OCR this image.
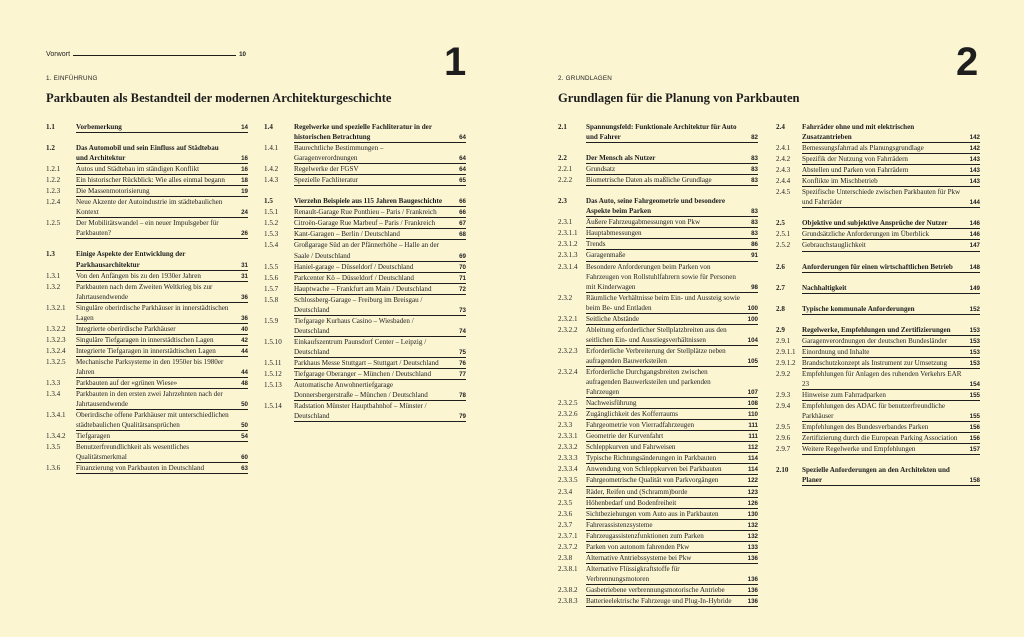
Vorwort	10	1
1. EINFÜHRUNG
Parkbauten als Bestandteil der modernen Architekturgeschichte
1.1	Vorbemerkung	14
1.2	Das Automobil und sein Einfluss auf Städtebau und Architektur	16
1.2.1 Autos und Städtebau im ständigen Konflikt	16
1.2.2 Ein historischer Rückblick: Wie alles einmal begann	18
1.2.3 Die Massenmotorisierung	19
1.2.4 Neue Akzente der Autoindustrie im städtebaulichen Kontext	24
1.2.5 Der Mobilitätswandel – ein neuer Impulsgeber für Parkbauten?	26
1.3	Einige Aspekte der Entwicklung der Parkhausarchitektur	31
1.3.1 Von den Anfängen bis zu den 1930er Jahren	31
1.3.2 Parkbauten nach dem Zweiten Weltkrieg bis zur Jahrtausendwende	36
1.3.2.1 Singuläre oberirdische Parkhäuser in innerstädtischen Lagen	36
1.3.2.2 Integrierte oberirdische Parkhäuser	40
1.3.2.3 Singuläre Tiefgaragen in innerstädtischen Lagen	42
1.3.2.4 Integrierte Tiefgaragen in innerstädtischen Lagen	44
1.3.2.5 Mechanische Parksysteme in den 1950er bis 1980er Jahren	44
1.3.3 Parkbauten auf der «grünen Wiese»	48
1.3.4 Parkbauten in den ersten zwei Jahrzehnten nach der Jahrtausendwende	50
1.3.4.1 Oberirdische offene Parkhäuser mit unterschiedlichen städtebaulichen Qualitätsansprüchen	50
1.3.4.2 Tiefgaragen	54
1.3.5 Benutzerfreundlichkeit als wesentliches Qualitätsmerkmal	60
1.3.6 Finanzierung von Parkbauten in Deutschland	63
1.4	Regelwerke und spezielle Fachliteratur in der historischen Betrachtung	64
1.4.1 Baurechtliche Bestimmungen – Garagenverordnungen	64
1.4.2 Regelwerke der FGSV	64
1.4.3 Spezielle Fachliteratur	65
1.5	Vierzehn Beispiele aus 115 Jahren Baugeschichte	66
1.5.1 Renault-Garage Rue Ponthieu – Paris / Frankreich	66
1.5.2 Citroën-Garage Rue Marbeuf – Paris / Frankreich	67
1.5.3 Kant-Garagen – Berlin / Deutschland	68
1.5.4 Großgarage Süd an der Pfännerhöhe – Halle an der Saale / Deutschland	69
1.5.5 Haniel-garage – Düsseldorf / Deutschland	70
1.5.6 Parkcenter Kö – Düsseldorf / Deutschland	71
1.5.7 Hauptwache – Frankfurt am Main / Deutschland	72
1.5.8 Schlossberg-Garage – Freiburg im Breisgau / Deutschland	73
1.5.9 Tiefgarage Kurhaus Casino – Wiesbaden / Deutschland	74
1.5.10 Einkaufszentrum Paunsdorf Center – Leipzig / Deutschland	75
1.5.11 Parkhaus Messe Stuttgart – Stuttgart / Deutschland	76
1.5.12 Tiefgarage Oberanger – München / Deutschland	77
1.5.13 Automatische Anwohnertiefgarage Donnersbergerstraße – München / Deutschland	78
1.5.14 Radstation Münster Hauptbahnhof – Münster / Deutschland	79
2
2. GRUNDLAGEN
Grundlagen für die Planung von Parkbauten
2.1	Spannungsfeld: Funktionale Architektur für Auto und Fahrer	82
2.2	Der Mensch als Nutzer	83
2.2.1 Grundsatz	83
2.2.2 Biometrische Daten als maßliche Grundlage	83
2.3	Das Auto, seine Fahrgeometrie und besondere Aspekte beim Parken	83
2.3.1 Äußere Fahrzeugabmessungen von Pkw	83
2.3.1.1 Hauptabmessungen	83
2.3.1.2 Trends	86
2.3.1.3 Garagenmaße	91
2.3.1.4 Besondere Anforderungen beim Parken von Fahrzeugen von Rollstuhlfahrern sowie für Personen mit Kinderwagen	98
2.3.2 Räumliche Verhältnisse beim Ein- und Aussteig sowie beim Be- und Entladen	100
2.3.2.1 Seitliche Abstände	100
2.3.2.2 Ableitung erforderlicher Stellplatzbreiten aus den seitlichen Ein- und Ausstiegsverhältnissen	104
2.3.2.3 Erforderliche Verbreiterung der Stellplätze neben aufragenden Bauwerksteilen	105
2.3.2.4 Erforderliche Durchgangsbreiten zwischen aufragenden Bauwerksteilen und parkenden Fahrzeugen	107
2.3.2.5 Nachweisführung	108
2.3.2.6 Zugänglichkeit des Kofferraums	110
2.3.3 Fahrgeometrie von Vierradfahrzeugen	111
2.3.3.1 Geometrie der Kurvenfahrt	111
2.3.3.2 Schleppkurven und Fahrweisen	112
2.3.3.3 Typische Richtungsänderungen in Parkbauten	114
2.3.3.4 Anwendung von Schleppkurven bei Parkbauten	114
2.3.3.5 Fahrgeometrische Qualität von Parkvorgängen	122
2.3.4 Räder, Reifen und (Schramm)borde	123
2.3.5 Höhenbedarf und Bodenfreiheit	126
2.3.6 Sichtbeziehungen vom Auto aus in Parkbauten	130
2.3.7 Fahrerassistenzsysteme	132
2.3.7.1 Fahrzeugassistenzfunktionen zum Parken	132
2.3.7.2 Parken von autonom fahrenden Pkw	133
2.3.8 Alternative Antriebssysteme bei Pkw	136
2.3.8.1 Alternative Flüssigkraftstoffe für Verbrennungsmotoren	136
2.3.8.2 Gasbetriebene verbrennungsmotorische Antriebe	136
2.3.8.3 Batterieelektrische Fahrzeuge und Plug-In-Hybride	136
2.4 Fahrräder ohne und mit elektrischen Zusatzantrieben	142
2.4.1 Bemessungsfahrrad als Planungsgrundlage	142
2.4.2 Spezifik der Nutzung von Fahrrädern	143
2.4.3 Abstellen und Parken von Fahrrädern	143
2.4.4 Konflikte im Mischbetrieb	143
2.4.5 Spezifische Unterschiede zwischen Parkbauten für Pkw und Fahrräder	144
2.5 Objektive und subjektive Ansprüche der Nutzer	146
2.5.1 Grundsätzliche Anforderungen im Überblick	146
2.5.2 Gebrauchstauglichkeit	147
2.6 Anforderungen für einen wirtschaftlichen Betrieb	148
2.7 Nachhaltigkeit	149
2.8 Typische kommunale Anforderungen	152
2.9 Regelwerke, Empfehlungen und Zertifizierungen	153
2.9.1 Garagenverordnungen der deutschen Bundesländer	153
2.9.1.1 Einordnung und Inhalte	153
2.9.1.2 Brandschutzkonzept als Instrument zur Umsetzung	153
2.9.2 Empfehlungen für Anlagen des ruhenden Verkehrs EAR 23	154
2.9.3 Hinweise zum Fahrradparken	155
2.9.4 Empfehlungen des ADAC für benutzerfreundliche Parkhäuser	155
2.9.5 Empfehlungen des Bundesverbandes Parken	156
2.9.6 Zertifizierung durch die European Parking Association	156
2.9.7 Weitere Regelwerke und Empfehlungen	157
2.10 Spezielle Anforderungen an den Architekten und Planer	158
